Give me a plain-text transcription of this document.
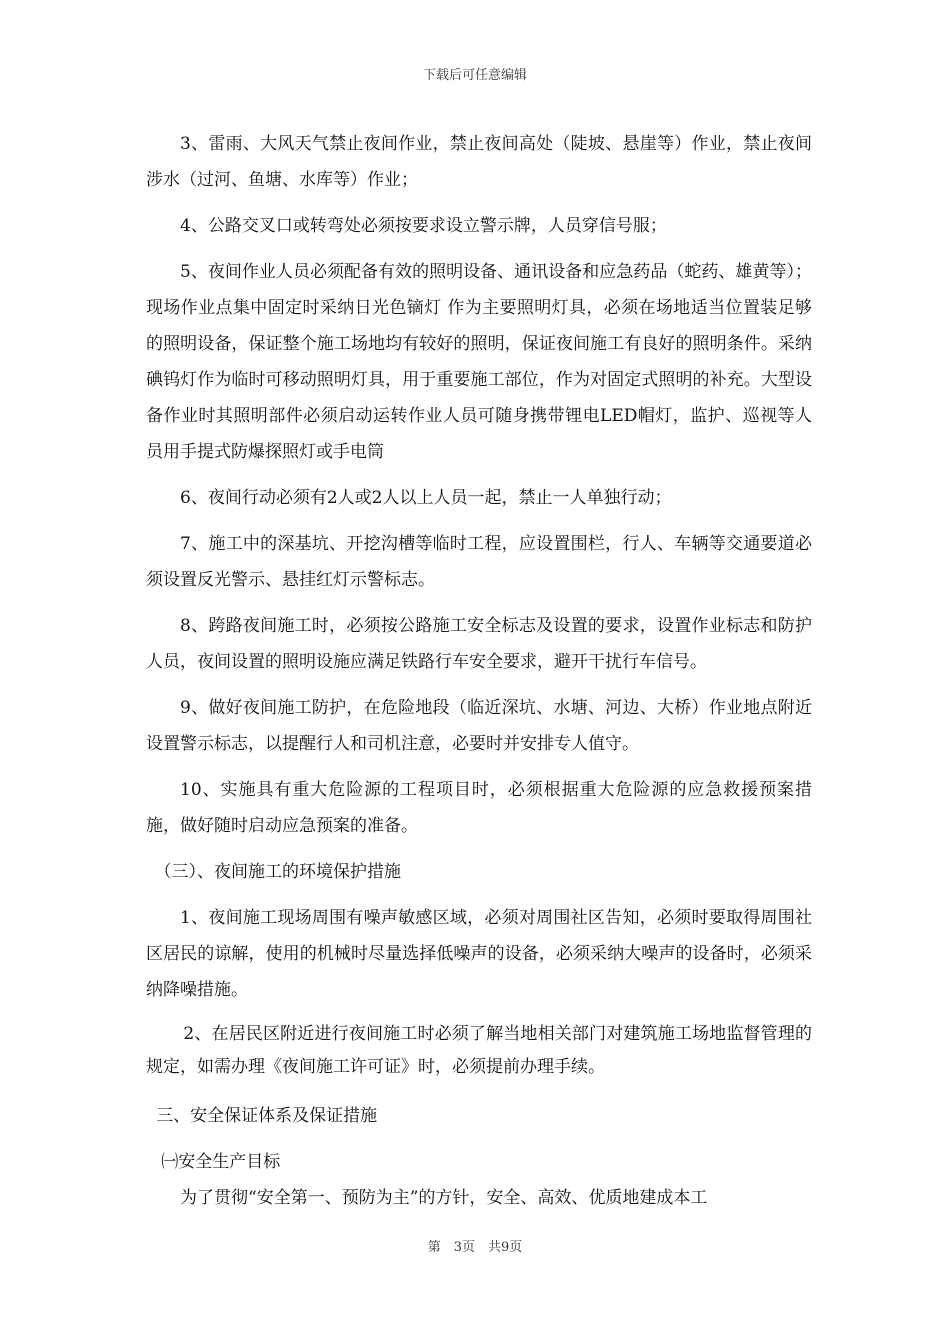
下载后可任意编辑

3、雷雨、大风天气禁止夜间作业，禁止夜间高处（陡坡、悬崖等）作业，禁止夜间涉水（过河、鱼塘、水库等）作业；

4、公路交叉口或转弯处必须按要求设立警示牌，人员穿信号服；

5、夜间作业人员必须配备有效的照明设备、通讯设备和应急药品（蛇药、雄黄等）；现场作业点集中固定时采纳日光色镝灯 作为主要照明灯具，必须在场地适当位置装足够的照明设备，保证整个施工场地均有较好的照明，保证夜间施工有良好的照明条件。采纳碘钨灯作为临时可移动照明灯具，用于重要施工部位，作为对固定式照明的补充。大型设备作业时其照明部件必须启动运转作业人员可随身携带锂电LED帽灯，监护、巡视等人员用手提式防爆探照灯或手电筒

6、夜间行动必须有2人或2人以上人员一起，禁止一人单独行动；

7、施工中的深基坑、开挖沟槽等临时工程，应设置围栏，行人、车辆等交通要道必须设置反光警示、悬挂红灯示警标志。

8、跨路夜间施工时，必须按公路施工安全标志及设置的要求，设置作业标志和防护人员，夜间设置的照明设施应满足铁路行车安全要求，避开干扰行车信号。

9、做好夜间施工防护，在危险地段（临近深坑、水塘、河边、大桥）作业地点附近设置警示标志，以提醒行人和司机注意，必要时并安排专人值守。

10、实施具有重大危险源的工程项目时，必须根据重大危险源的应急救援预案措施，做好随时启动应急预案的准备。

（三）、夜间施工的环境保护措施

1、夜间施工现场周围有噪声敏感区域，必须对周围社区告知，必须时要取得周围社区居民的谅解，使用的机械时尽量选择低噪声的设备，必须采纳大噪声的设备时，必须采纳降噪措施。

2、在居民区附近进行夜间施工时必须了解当地相关部门对建筑施工场地监督管理的规定，如需办理《夜间施工许可证》时，必须提前办理手续。

三、安全保证体系及保证措施

㈠安全生产目标

为了贯彻“安全第一、预防为主”的方针，安全、高效、优质地建成本工

第　3页　共9页
